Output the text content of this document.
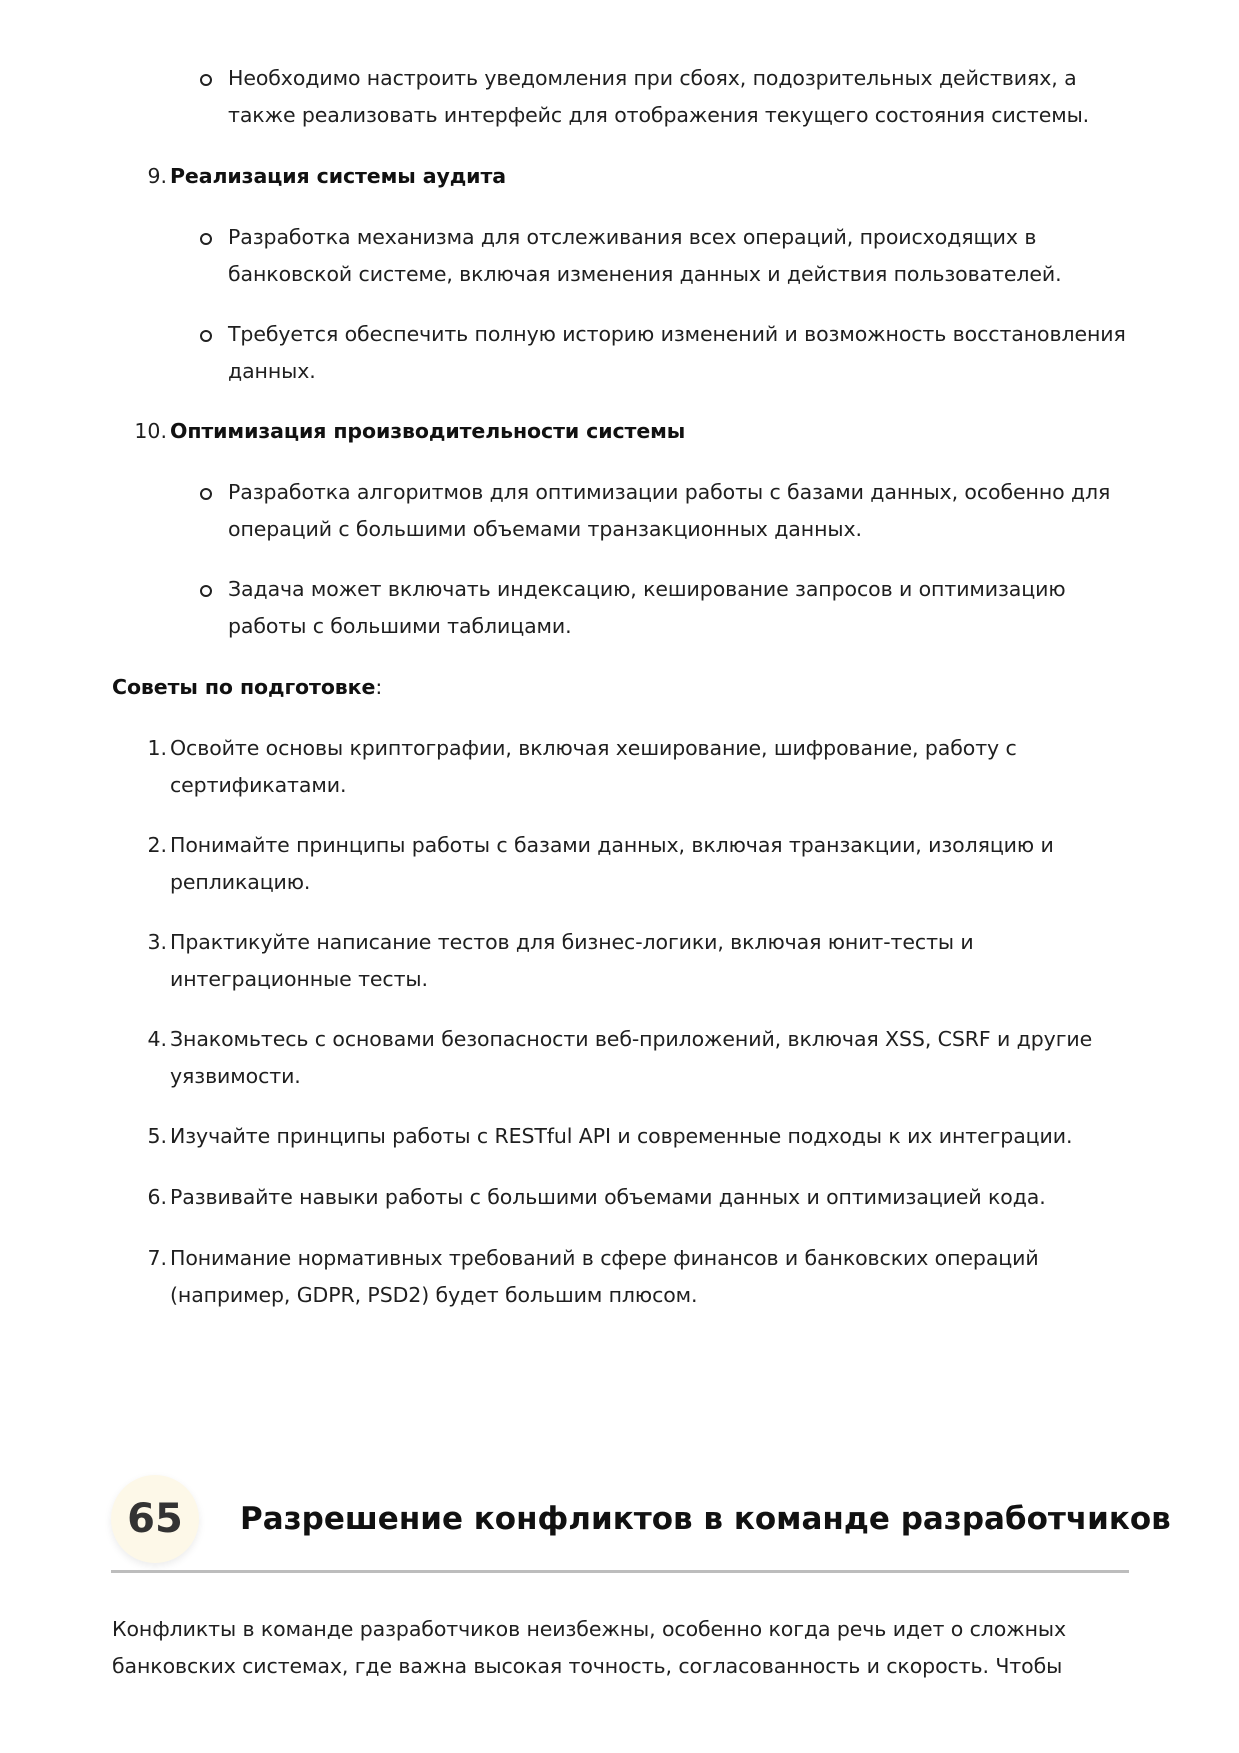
Необходимо настроить уведомления при сбоях, подозрительных действиях, а
также реализовать интерфейс для отображения текущего состояния системы.
9. Реализация системы аудита
Разработка механизма для отслеживания всех операций, происходящих в
банковской системе, включая изменения данных и действия пользователей.
Требуется обеспечить полную историю изменений и возможность восстановления
данных.
10. Оптимизация производительности системы
Разработка алгоритмов для оптимизации работы с базами данных, особенно для
операций с большими объемами транзакционных данных.
Задача может включать индексацию, кеширование запросов и оптимизацию
работы с большими таблицами.
Советы по подготовке:
1. Освойте основы криптографии, включая хеширование, шифрование, работу с
сертификатами.
2. Понимайте принципы работы с базами данных, включая транзакции, изоляцию и
репликацию.
3. Практикуйте написание тестов для бизнес-логики, включая юнит-тесты и
интеграционные тесты.
4. Знакомьтесь с основами безопасности веб-приложений, включая XSS, CSRF и другие
уязвимости.
5. Изучайте принципы работы с RESTful API и современные подходы к их интеграции.
6. Развивайте навыки работы с большими объемами данных и оптимизацией кода.
7. Понимание нормативных требований в сфере финансов и банковских операций
(например, GDPR, PSD2) будет большим плюсом.
65	Разрешение конфликтов в команде разработчиков
Конфликты в команде разработчиков неизбежны, особенно когда речь идет о сложных
банковских системах, где важна высокая точность, согласованность и скорость. Чтобы
